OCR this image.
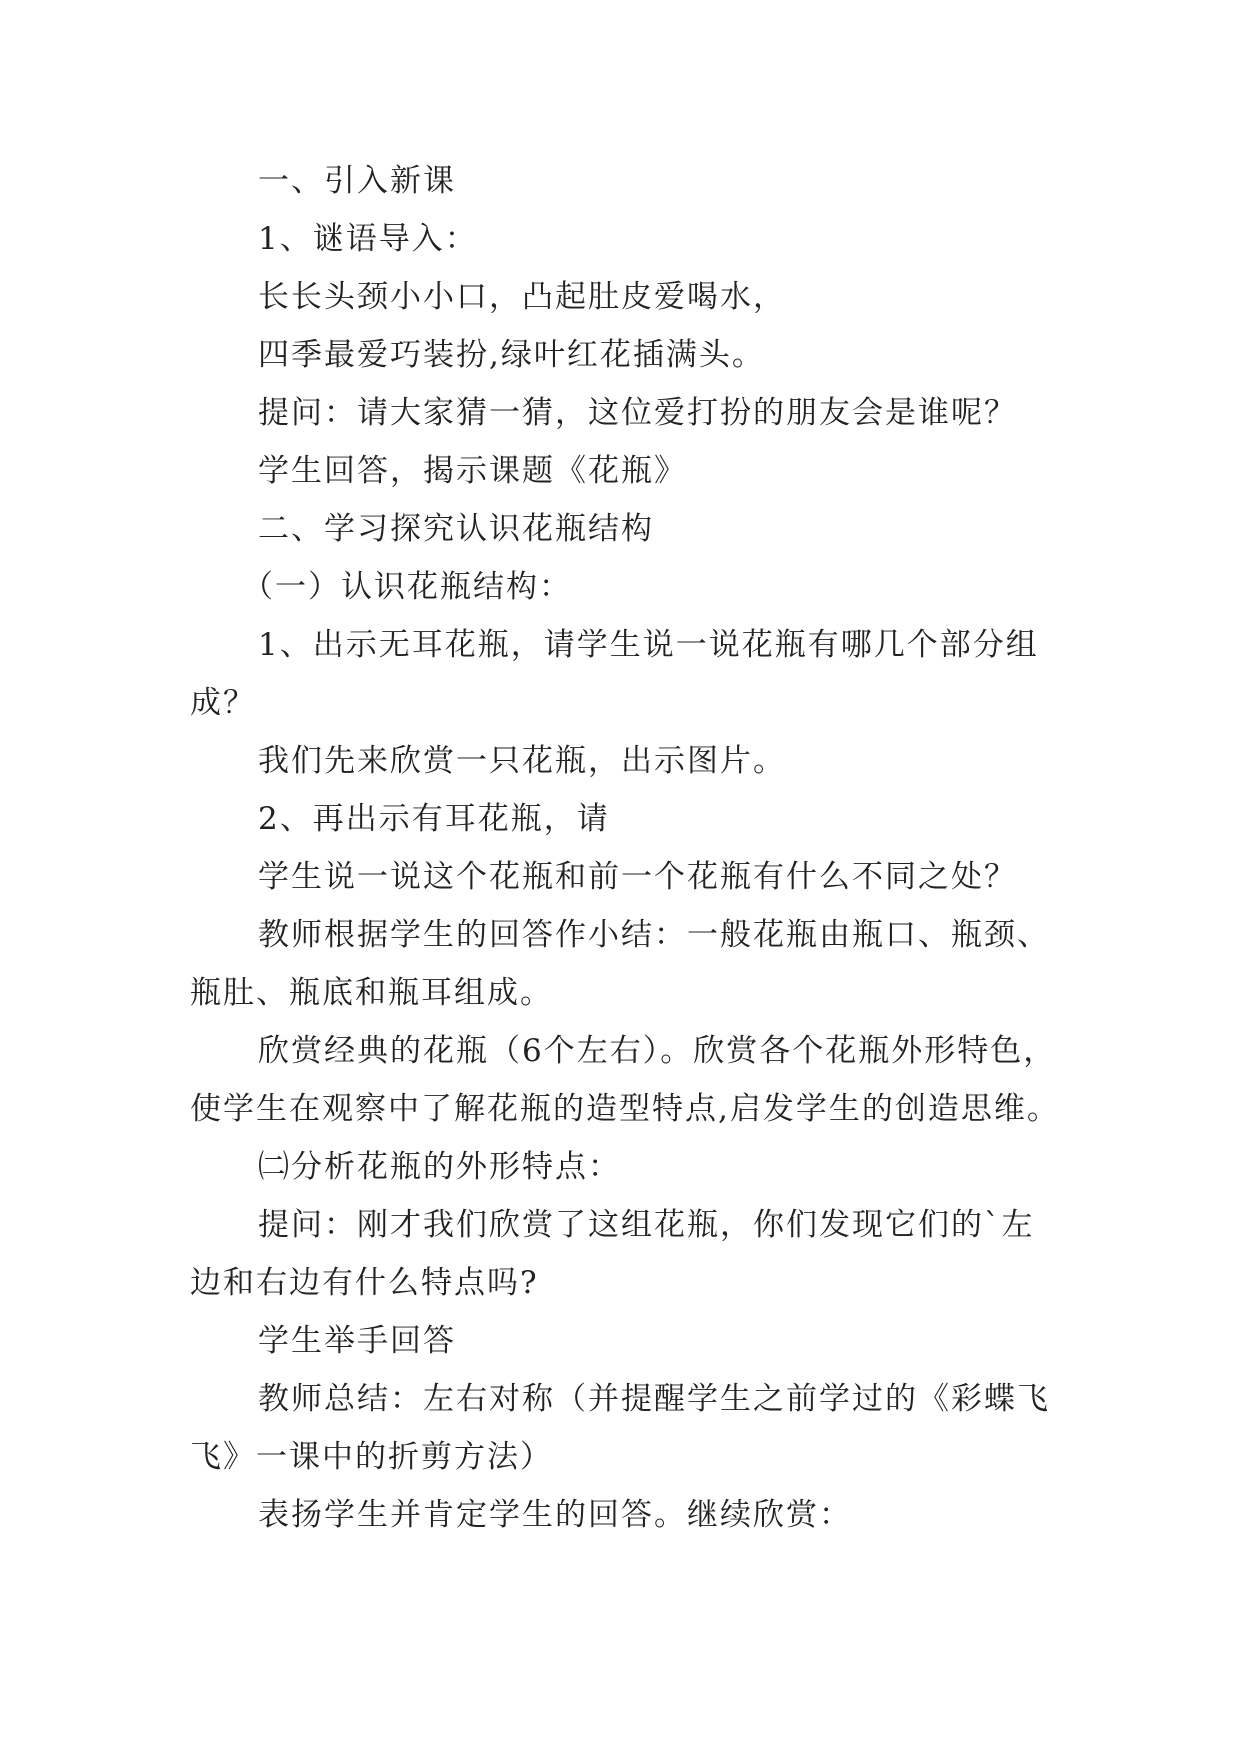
一、引入新课

1、谜语导入：

长长头颈小小口，凸起肚皮爱喝水，

四季最爱巧装扮,绿叶红花插满头。

提问：请大家猜一猜，这位爱打扮的朋友会是谁呢？

学生回答，揭示课题《花瓶》

二、学习探究认识花瓶结构

（一）认识花瓶结构：

1、出示无耳花瓶，请学生说一说花瓶有哪几个部分组成？

我们先来欣赏一只花瓶，出示图片。

2、再出示有耳花瓶，请

学生说一说这个花瓶和前一个花瓶有什么不同之处？

教师根据学生的回答作小结：一般花瓶由瓶口、瓶颈、瓶肚、瓶底和瓶耳组成。

欣赏经典的花瓶（6个左右）。欣赏各个花瓶外形特色，使学生在观察中了解花瓶的造型特点,启发学生的创造思维。

㈡分析花瓶的外形特点：

提问：刚才我们欣赏了这组花瓶，你们发现它们的`左边和右边有什么特点吗?

学生举手回答

教师总结：左右对称（并提醒学生之前学过的《彩蝶飞飞》一课中的折剪方法）

表扬学生并肯定学生的回答。继续欣赏：
